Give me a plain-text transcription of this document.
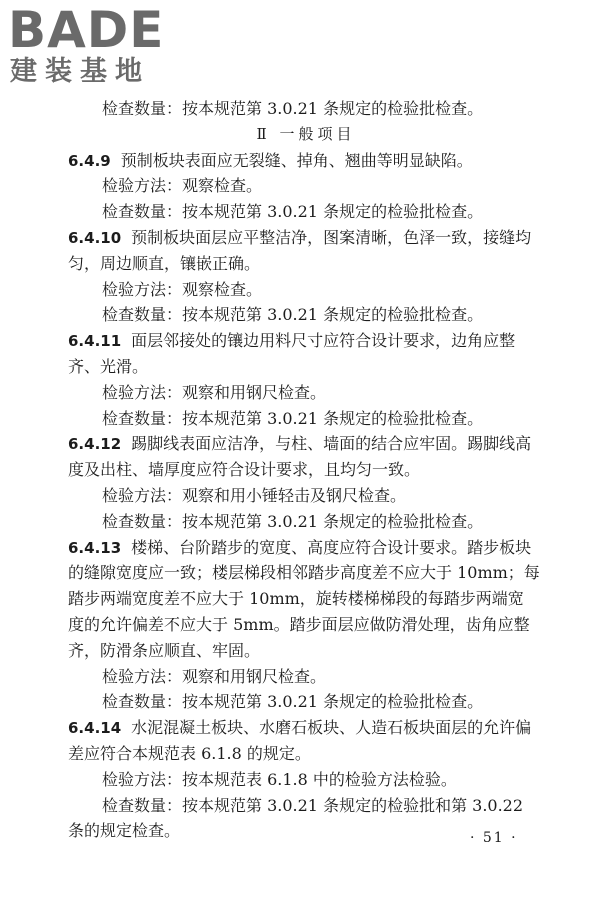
BADE
建装基地
检查数量：按本规范第 3.0.21 条规定的检验批检查。
Ⅱ 一般项目
6.4.9 预制板块表面应无裂缝、掉角、翘曲等明显缺陷。
检验方法：观察检查。
检查数量：按本规范第 3.0.21 条规定的检验批检查。
6.4.10 预制板块面层应平整洁净，图案清晰，色泽一致，接缝均
匀，周边顺直，镶嵌正确。
检验方法：观察检查。
检查数量：按本规范第 3.0.21 条规定的检验批检查。
6.4.11 面层邻接处的镶边用料尺寸应符合设计要求，边角应整
齐、光滑。
检验方法：观察和用钢尺检查。
检查数量：按本规范第 3.0.21 条规定的检验批检查。
6.4.12 踢脚线表面应洁净，与柱、墙面的结合应牢固。踢脚线高
度及出柱、墙厚度应符合设计要求，且均匀一致。
检验方法：观察和用小锤轻击及钢尺检查。
检查数量：按本规范第 3.0.21 条规定的检验批检查。
6.4.13 楼梯、台阶踏步的宽度、高度应符合设计要求。踏步板块
的缝隙宽度应一致；楼层梯段相邻踏步高度差不应大于 10mm；每
踏步两端宽度差不应大于 10mm，旋转楼梯梯段的每踏步两端宽
度的允许偏差不应大于 5mm。踏步面层应做防滑处理，齿角应整
齐，防滑条应顺直、牢固。
检验方法：观察和用钢尺检查。
检查数量：按本规范第 3.0.21 条规定的检验批检查。
6.4.14 水泥混凝土板块、水磨石板块、人造石板块面层的允许偏
差应符合本规范表 6.1.8 的规定。
检验方法：按本规范表 6.1.8 中的检验方法检验。
检查数量：按本规范第 3.0.21 条规定的检验批和第 3.0.22
条的规定检查。	· 51 ·
